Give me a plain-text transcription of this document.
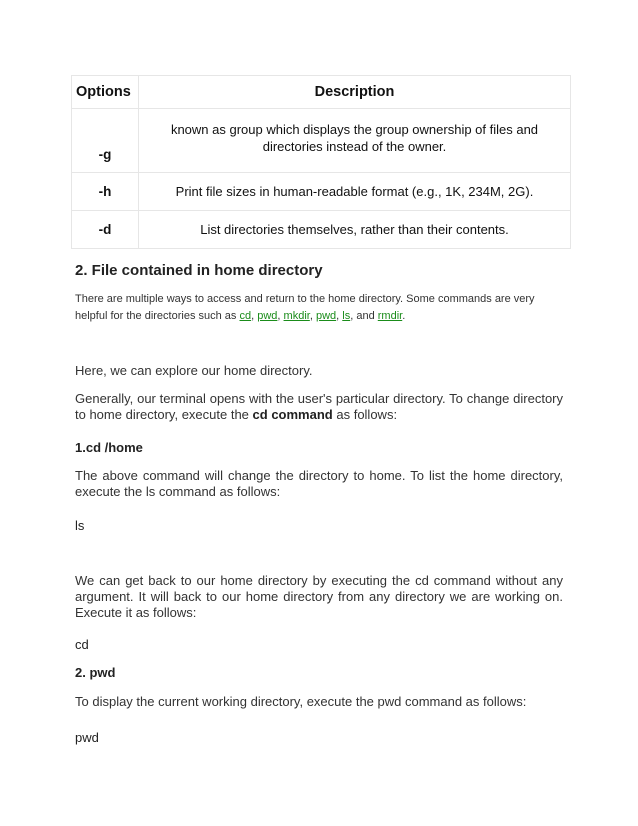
Options	Description
-g	known as group which displays the group ownership of files and
directories instead of the owner.
-h	Print file sizes in human-readable format (e.g., 1K, 234M, 2G).
-d	List directories themselves, rather than their contents.
2. File contained in home directory
There are multiple ways to access and return to the home directory. Some commands are very helpful for the directories such as cd, pwd, mkdir, pwd, ls, and rmdir.
Here, we can explore our home directory.
Generally, our terminal opens with the user's particular directory. To change directory to home directory, execute the cd command as follows:
1.cd /home
The above command will change the directory to home. To list the home directory, execute the ls command as follows:
ls
We can get back to our home directory by executing the cd command without any argument. It will back to our home directory from any directory we are working on. Execute it as follows:
cd
2. pwd
To display the current working directory, execute the pwd command as follows:
pwd
